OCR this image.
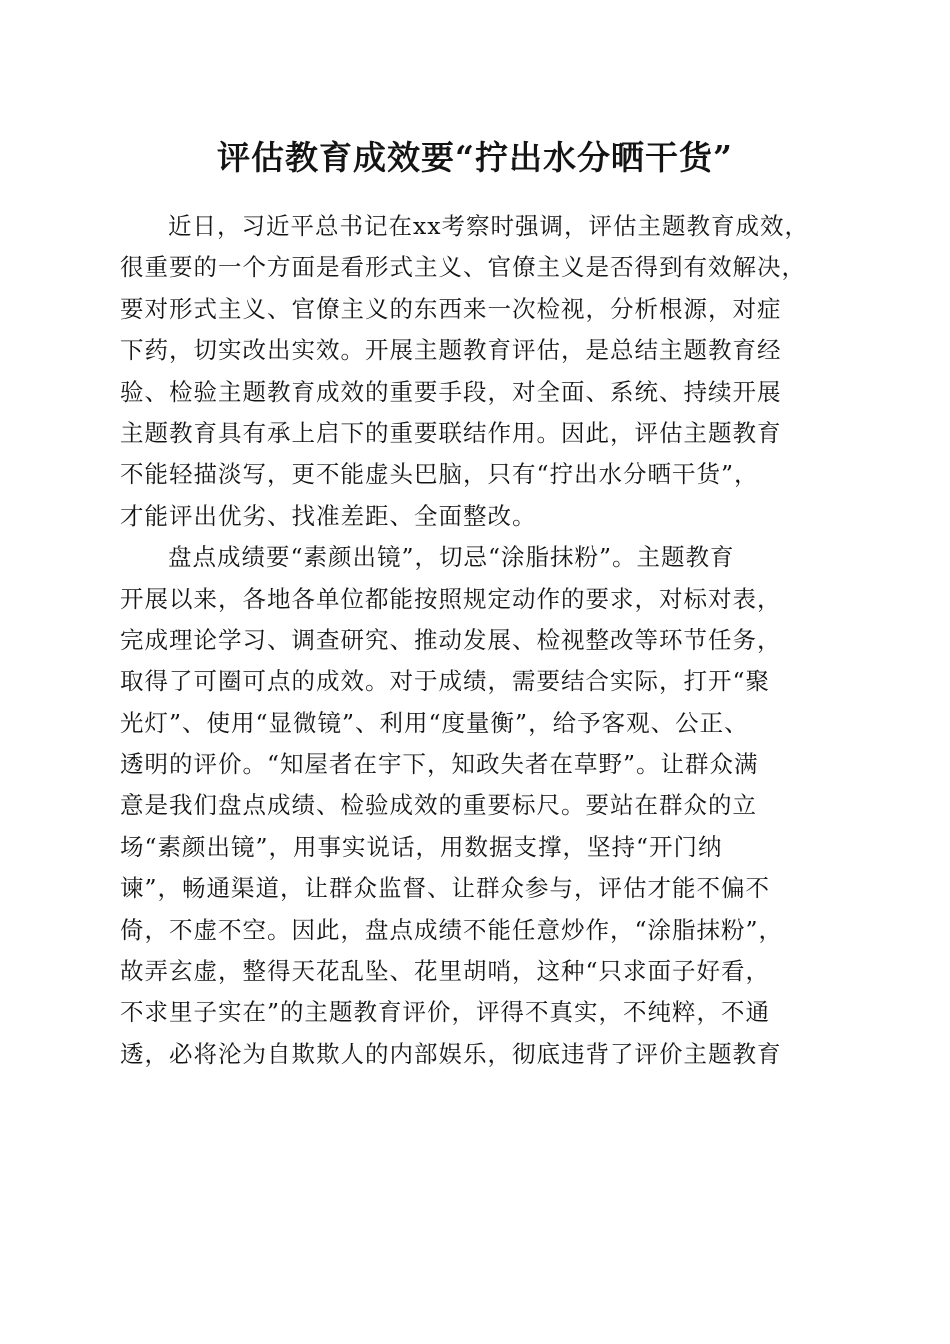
评估教育成效要“拧出水分晒干货”

近日，习近平总书记在xx考察时强调，评估主题教育成效，
很重要的一个方面是看形式主义、官僚主义是否得到有效解决，
要对形式主义、官僚主义的东西来一次检视，分析根源，对症
下药，切实改出实效。开展主题教育评估，是总结主题教育经
验、检验主题教育成效的重要手段，对全面、系统、持续开展
主题教育具有承上启下的重要联结作用。因此，评估主题教育
不能轻描淡写，更不能虚头巴脑，只有“拧出水分晒干货”，
才能评出优劣、找准差距、全面整改。

盘点成绩要“素颜出镜”，切忌“涂脂抹粉”。主题教育
开展以来，各地各单位都能按照规定动作的要求，对标对表，
完成理论学习、调查研究、推动发展、检视整改等环节任务，
取得了可圈可点的成效。对于成绩，需要结合实际，打开“聚
光灯”、使用“显微镜”、利用“度量衡”，给予客观、公正、
透明的评价。“知屋者在宇下，知政失者在草野”。让群众满
意是我们盘点成绩、检验成效的重要标尺。要站在群众的立
场“素颜出镜”，用事实说话，用数据支撑，坚持“开门纳
谏”，畅通渠道，让群众监督、让群众参与，评估才能不偏不
倚，不虚不空。因此，盘点成绩不能任意炒作，“涂脂抹粉”，
故弄玄虚，整得天花乱坠、花里胡哨，这种“只求面子好看，
不求里子实在”的主题教育评价，评得不真实，不纯粹，不通
透，必将沦为自欺欺人的内部娱乐，彻底违背了评价主题教育
